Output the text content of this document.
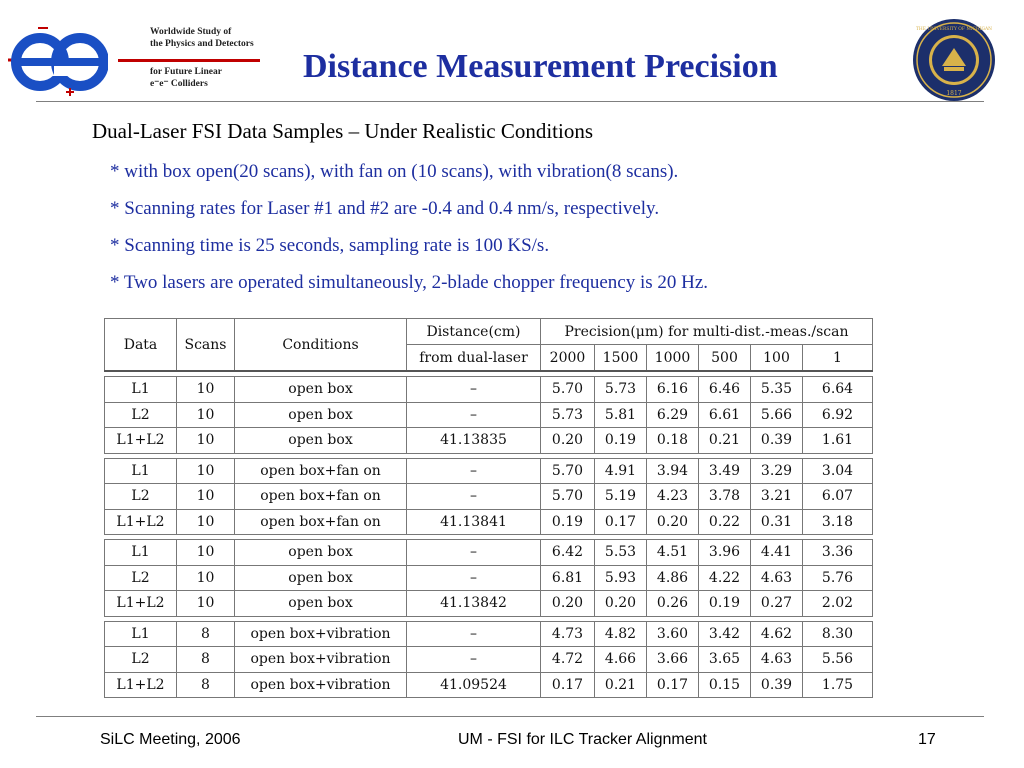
Worldwide Study of
the Physics and Detectors
for Future Linear
e⁻e⁻ Colliders	Distance Measurement Precision
1817
THE UNIVERSITY OF MICHIGAN
Dual-Laser FSI Data Samples – Under Realistic Conditions
* with box open(20 scans), with fan on (10 scans), with vibration(8 scans).
* Scanning rates for Laser #1 and #2 are -0.4 and 0.4 nm/s, respectively.
* Scanning time is 25 seconds, sampling rate is 100 KS/s.
* Two lasers are operated simultaneously, 2-blade chopper frequency is 20 Hz.
Data	Scans	Conditions	Distance(cm)	Precision(μm) for multi-dist.-meas./scan					
			from dual-laser	2000	1500	1000	500	100	1

L1	10	open box	–	5.70	5.73	6.16	6.46	5.35	6.64
L2	10	open box	–	5.73	5.81	6.29	6.61	5.66	6.92
L1+L2	10	open box	41.13835	0.20	0.19	0.18	0.21	0.39	1.61

L1	10	open box+fan on	–	5.70	4.91	3.94	3.49	3.29	3.04
L2	10	open box+fan on	–	5.70	5.19	4.23	3.78	3.21	6.07
L1+L2	10	open box+fan on	41.13841	0.19	0.17	0.20	0.22	0.31	3.18

L1	10	open box	–	6.42	5.53	4.51	3.96	4.41	3.36
L2	10	open box	–	6.81	5.93	4.86	4.22	4.63	5.76
L1+L2	10	open box	41.13842	0.20	0.20	0.26	0.19	0.27	2.02

L1	8	open box+vibration	–	4.73	4.82	3.60	3.42	4.62	8.30
L2	8	open box+vibration	–	4.72	4.66	3.66	3.65	4.63	5.56
L1+L2	8	open box+vibration	41.09524	0.17	0.21	0.17	0.15	0.39	1.75
SiLC Meeting, 2006	UM - FSI for ILC Tracker Alignment	17
